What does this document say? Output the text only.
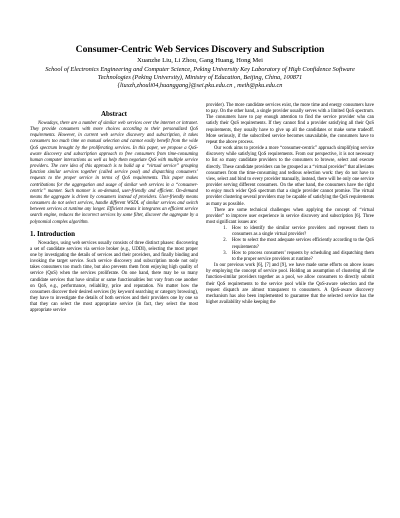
Consumer-Centric Web Services Discovery and Subscription
Xuanzhe Liu, Li Zhou, Gang Huang, Hong Mei
School of Electronics Engineering and Computer Science, Peking University Key Laboratory of High Confidence Software Technologies (Peking University), Ministry of Education, Beijing, China, 100871
{liuxzh,zhouli04,huanggang}@sei.pku.edu.cn , meih@pku.edu.cn
Abstract

Nowadays, there are a number of similar web services over the internet or intranet. They provide consumers with more choices according to their personalized QoS requirements. However, in current web service discovery and subscription, it takes consumers too much time on manual selection and cannot easily benefit from the wide QoS spectrum brought by the proliferating services. In this paper, we propose a QoS-aware discovery and subscription approach to free consumers from time-consuming human computer interactions as well as help them negotiate QoS with multiple service providers. The core idea of this approach is to build up a “virtual service” grouping function similar services together (called service pool) and dispatching consumers’ requests to the proper service in terms of QoS requirements. This paper makes contributions for the aggregation and usage of similar web services in a “consumer-centric” manner. Such manner is on-demand, user-friendly and efficient. On-demand means the aggregate is driven by consumers instead of providers. User-friendly means consumers do not select services, handle different WSDL of similar services and switch between services at runtime any longer. Efficient means it integrates an efficient service search engine, reduces the incorrect services by some filter, discover the aggregate by a polynomial complex algorithm.

1. Introduction

Nowadays, using web services usually consists of three distinct phases: discovering a set of candidate services via service broker (e.g., UDDI), selecting the most proper one by investigating the details of services and their providers, and finally binding and invoking the target service. Such service discovery and subscription mode not only takes consumers too much time, but also prevents them from enjoying high quality of service (QoS) when the services proliferate. On one hand, there may be so many candidate services that have similar or same functionalities but vary from one another on QoS, e.g., performance, reliability, price and reputation. No matter how the consumers discover their desired services (by keyword searching or category browsing), they have to investigate the details of both services and their providers one by one so that they can select the most appropriate service (in fact, they select the most appropriate service

provider). The more candidate services exist, the more time and energy consumers have to pay. On the other hand, a single provider usually serves with a limited QoS spectrum. The consumers have to pay enough attention to find the service provider who can satisfy their QoS requirements. If they cannot find a provider satisfying all their QoS requirements, they usually have to give up all the candidates or make some tradeoff. More seriously, if the subscribed service becomes unavailable, the consumers have to repeat the above process.

Our work aims to provide a more “consumer-centric” approach simplifying service discovery while satisfying QoS requirements. From our perspective, it is not necessary to list so many candidate providers to the consumers to browse, select and execute directly. These candidate providers can be grouped as a “virtual provider” that alleviates consumers from the time-consuming and tedious selection work: they do not have to view, select and bind to every provider manually, instead, there will be only one service provider serving different consumers. On the other hand, the consumers have the right to enjoy much wider QoS spectrum that a single provider cannot promise. The virtual provider clustering several providers may be capable of satisfying the QoS requirements as many as possible.

There are some technical challenges when applying the concept of “virtual provider” to improve user experience in service discovery and subscription [6]. Three most significant issues are:

1. How to identify the similar service providers and represent them to consumers as a single virtual provider?
2. How to select the most adequate services efficiently according to the QoS requirements?
3. How to process consumers’ requests by scheduling and dispatching them to the proper service providers at runtime?

In our previous work [6], [7] and [9], we have made some efforts on above issues by employing the concept of service pool. Holding an assumption of clustering all the function-similar providers together as a pool, we allow consumers to directly submit their QoS requirements to the service pool while the QoS-aware selection and the request dispatch are almost transparent to consumers. A QoS-aware discovery mechanism has also been implemented to guarantee that the selected service has the higher availability while keeping the
